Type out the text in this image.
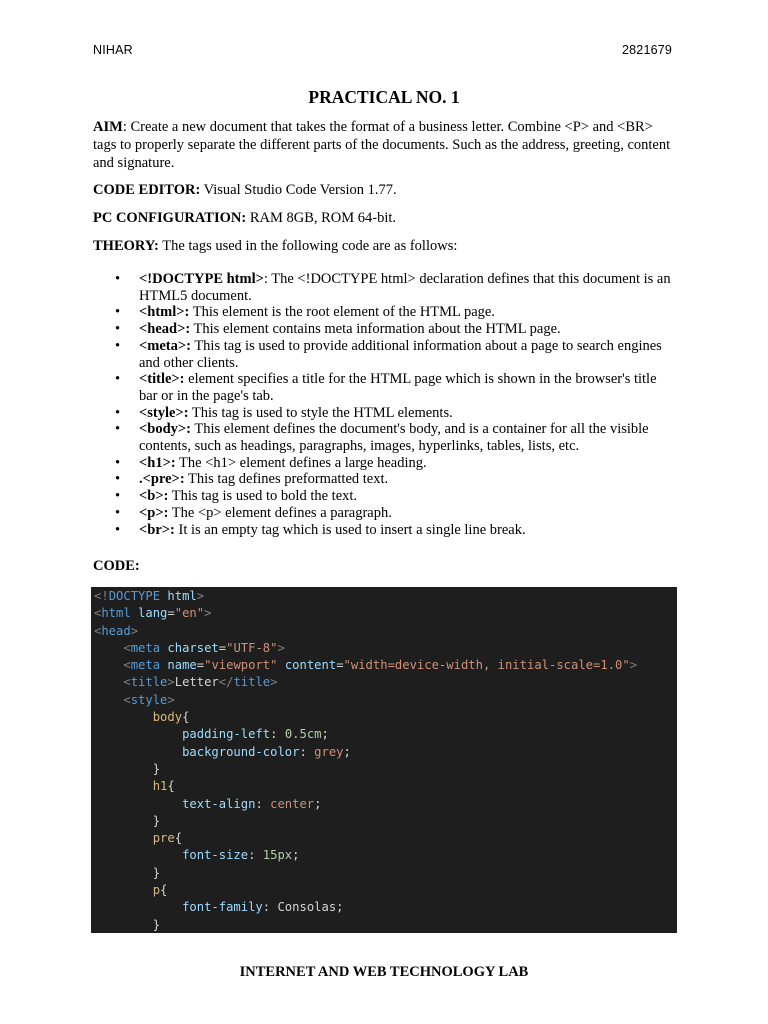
NIHAR	2821679
PRACTICAL NO. 1
AIM: Create a new document that takes the format of a business letter. Combine <P> and <BR> tags to properly separate the different parts of the documents. Such as the address, greeting, content and signature.
CODE EDITOR: Visual Studio Code Version 1.77.
PC CONFIGURATION: RAM 8GB, ROM 64-bit.
THEORY: The tags used in the following code are as follows:
• <!DOCTYPE html>: The <!DOCTYPE html> declaration defines that this document is an HTML5 document.
• <html>: This element is the root element of the HTML page.
• <head>: This element contains meta information about the HTML page.
• <meta>: This tag is used to provide additional information about a page to search engines and other clients.
• <title>: element specifies a title for the HTML page which is shown in the browser's title bar or in the page's tab.
• <style>: This tag is used to style the HTML elements.
• <body>: This element defines the document's body, and is a container for all the visible contents, such as headings, paragraphs, images, hyperlinks, tables, lists, etc.
• <h1>: The <h1> element defines a large heading.
• .<pre>: This tag defines preformatted text.
• <b>: This tag is used to bold the text.
• <p>: The <p> element defines a paragraph.
• <br>: It is an empty tag which is used to insert a single line break.
CODE:
<!DOCTYPE html>
<html lang="en">
<head>
<meta charset="UTF-8">
<meta name="viewport" content="width=device-width, initial-scale=1.0">
<title>Letter</title>
<style>
body{
padding-left: 0.5cm;
background-color: grey;
}
h1{
text-align: center;
}
pre{
font-size: 15px;
}
p{
font-family: Consolas;
}
INTERNET AND WEB TECHNOLOGY LAB
